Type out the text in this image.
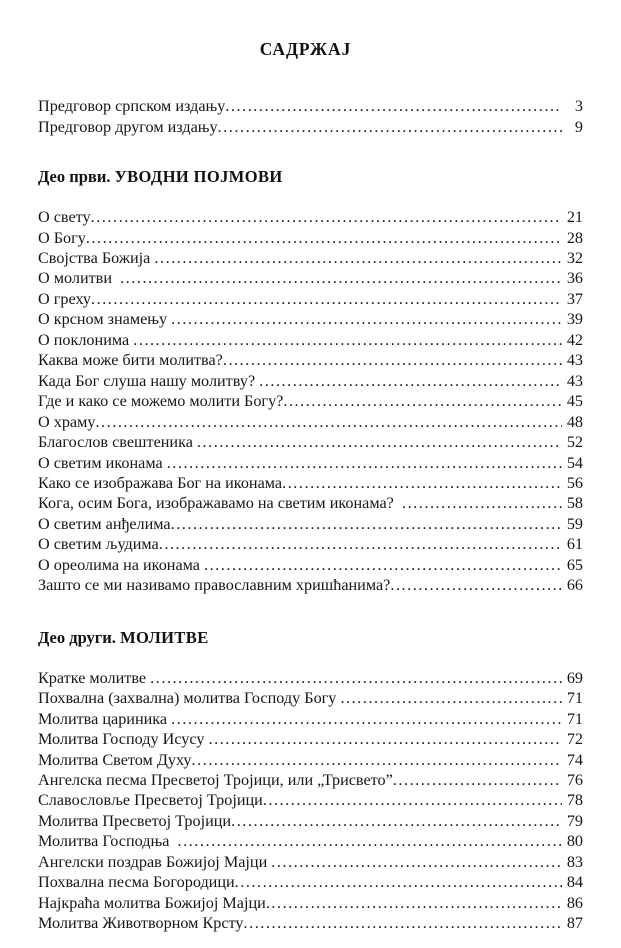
САДРЖАЈ
Предговор српском издању .....	3
Предговор другом издању .....	9
Део први. УВОДНИ ПОЈМОВИ
О свету .....	21
О Богу .....	28
Својства Божија .....	32
О молитви .....	36
О греху .....	37
О крсном знамењу .....	39
О поклонима .....	42
Каква може бити молитва? .....	43
Када Бог слуша нашу молитву? .....	43
Где и како се можемо молити Богу? .....	45
О храму .....	48
Благослов свештеника .....	52
О светим иконама .....	54
Како се изображава Бог на иконама .....	56
Кога, осим Бога, изображавамо на светим иконама? .....	58
О светим анђелима .....	59
О светим људима .....	61
О ореолима на иконама .....	65
Зашто се ми називамо православним хришћанима? .....	66
Део други. МОЛИТВЕ
Кратке молитве .....	69
Похвална (захвална) молитва Господу Богу .....	71
Молитва цариника .....	71
Молитва Господу Исусу .....	72
Молитва Светом Духу .....	74
Ангелска песма Пресветој Тројици, или „Трисвето” .....	76
Славословље Пресветој Тројици .....	78
Молитва Пресветој Тројици .....	79
Молитва Господња .....	80
Ангелски поздрав Божијој Мајци .....	83
Похвална песма Богородици .....	84
Најкраћа молитва Божијој Мајци .....	86
Молитва Животворном Крсту .....	87
